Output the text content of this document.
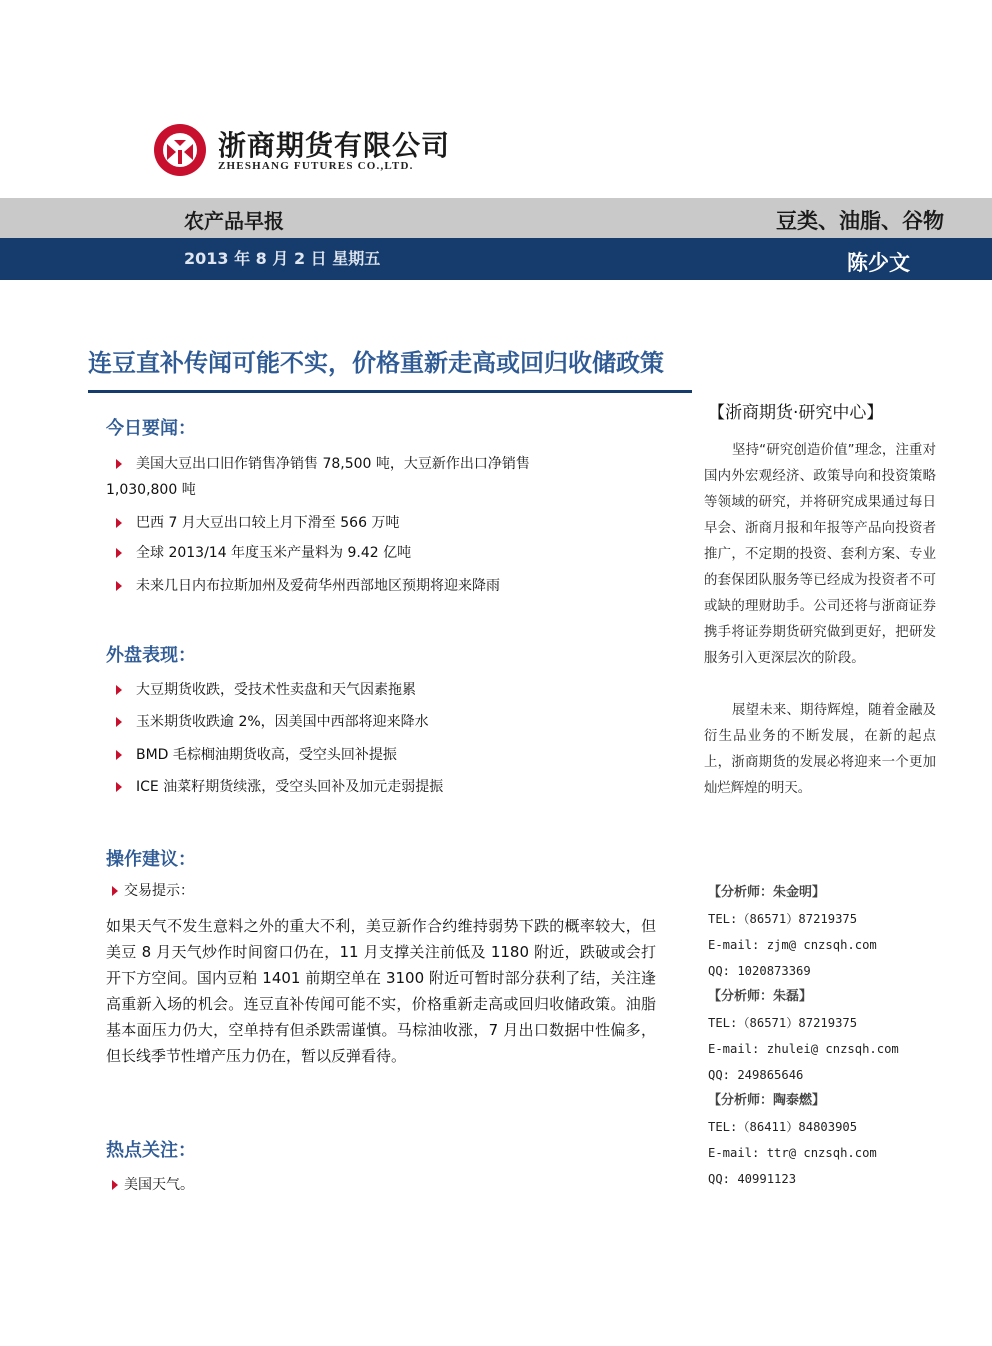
浙商期货有限公司
ZHESHANG FUTURES CO.,LTD.
农产品早报	豆类、油脂、谷物
2013 年 8 月 2 日 星期五	陈少文
连豆直补传闻可能不实，价格重新走高或回归收储政策
今日要闻：
美国大豆出口旧作销售净销售 78,500 吨，大豆新作出口净销售
1,030,800 吨
巴西 7 月大豆出口较上月下滑至 566 万吨
全球 2013/14 年度玉米产量料为 9.42 亿吨
未来几日内布拉斯加州及爱荷华州西部地区预期将迎来降雨
外盘表现：
大豆期货收跌，受技术性卖盘和天气因素拖累
玉米期货收跌逾 2%，因美国中西部将迎来降水
BMD 毛棕榈油期货收高，受空头回补提振
ICE 油菜籽期货续涨，受空头回补及加元走弱提振
操作建议：
交易提示：
如果天气不发生意料之外的重大不利，美豆新作合约维持弱势下跌的概率较大，但美豆 8 月天气炒作时间窗口仍在，11 月支撑关注前低及 1180 附近，跌破或会打开下方空间。国内豆粕 1401 前期空单在 3100 附近可暂时部分获利了结，关注逢高重新入场的机会。连豆直补传闻可能不实，价格重新走高或回归收储政策。油脂基本面压力仍大，空单持有但杀跌需谨慎。马棕油收涨，7 月出口数据中性偏多，但长线季节性增产压力仍在，暂以反弹看待。
热点关注：
美国天气。
【浙商期货·研究中心】
坚持“研究创造价值”理念，注重对国内外宏观经济、政策导向和投资策略等领域的研究，并将研究成果通过每日早会、浙商月报和年报等产品向投资者推广，不定期的投资、套利方案、专业的套保团队服务等已经成为投资者不可或缺的理财助手。公司还将与浙商证券携手将证券期货研究做到更好，把研发服务引入更深层次的阶段。
展望未来、期待辉煌，随着金融及衍生品业务的不断发展，在新的起点上，浙商期货的发展必将迎来一个更加灿烂辉煌的明天。
【分析师：朱金明】
TEL:（86571）87219375
E-mail: zjm@ cnzsqh.com
QQ: 1020873369
【分析师：朱磊】
TEL:（86571）87219375
E-mail: zhulei@ cnzsqh.com
QQ: 249865646
【分析师：陶泰燃】
TEL:（86411）84803905
E-mail: ttr@ cnzsqh.com
QQ: 40991123
